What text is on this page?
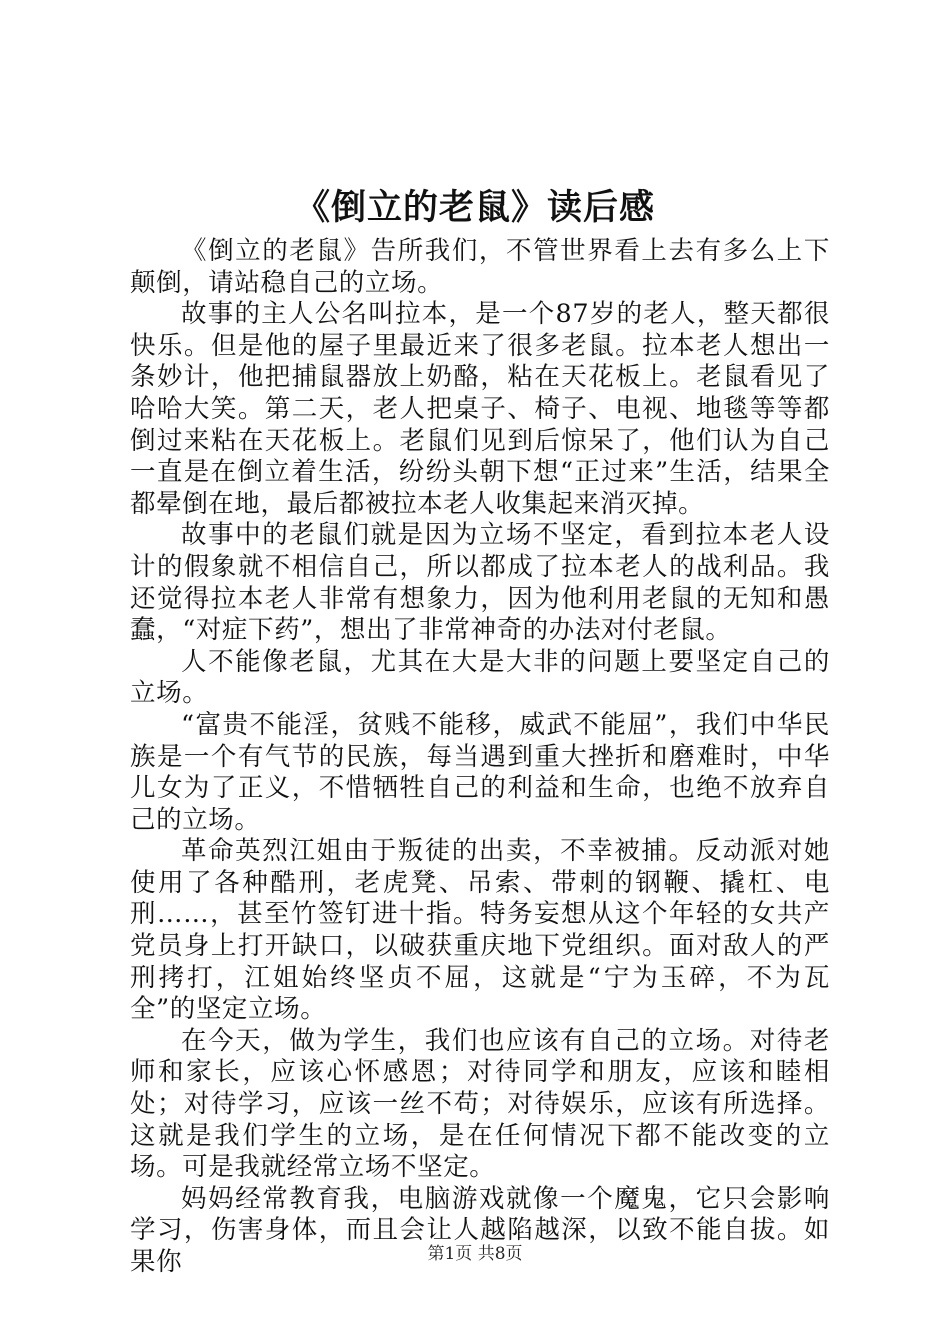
《倒立的老鼠》读后感

《倒立的老鼠》告所我们，不管世界看上去有多么上下颠倒，请站稳自己的立场。

故事的主人公名叫拉本，是一个87岁的老人，整天都很快乐。但是他的屋子里最近来了很多老鼠。拉本老人想出一条妙计，他把捕鼠器放上奶酪，粘在天花板上。老鼠看见了哈哈大笑。第二天，老人把桌子、椅子、电视、地毯等等都倒过来粘在天花板上。老鼠们见到后惊呆了，他们认为自己一直是在倒立着生活，纷纷头朝下想“正过来”生活，结果全都晕倒在地，最后都被拉本老人收集起来消灭掉。

故事中的老鼠们就是因为立场不坚定，看到拉本老人设计的假象就不相信自己，所以都成了拉本老人的战利品。我还觉得拉本老人非常有想象力，因为他利用老鼠的无知和愚蠢，“对症下药”，想出了非常神奇的办法对付老鼠。

人不能像老鼠，尤其在大是大非的问题上要坚定自己的立场。

“富贵不能淫，贫贱不能移，威武不能屈”，我们中华民族是一个有气节的民族，每当遇到重大挫折和磨难时，中华儿女为了正义，不惜牺牲自己的利益和生命，也绝不放弃自己的立场。

革命英烈江姐由于叛徒的出卖，不幸被捕。反动派对她使用了各种酷刑，老虎凳、吊索、带刺的钢鞭、撬杠、电刑……，甚至竹签钉进十指。特务妄想从这个年轻的女共产党员身上打开缺口，以破获重庆地下党组织。面对敌人的严刑拷打，江姐始终坚贞不屈，这就是“宁为玉碎，不为瓦全”的坚定立场。

在今天，做为学生，我们也应该有自己的立场。对待老师和家长，应该心怀感恩；对待同学和朋友，应该和睦相处；对待学习，应该一丝不苟；对待娱乐，应该有所选择。这就是我们学生的立场，是在任何情况下都不能改变的立场。可是我就经常立场不坚定。

妈妈经常教育我，电脑游戏就像一个魔鬼，它只会影响学习，伤害身体，而且会让人越陷越深，以致不能自拔。如果你	第1页 共8页
